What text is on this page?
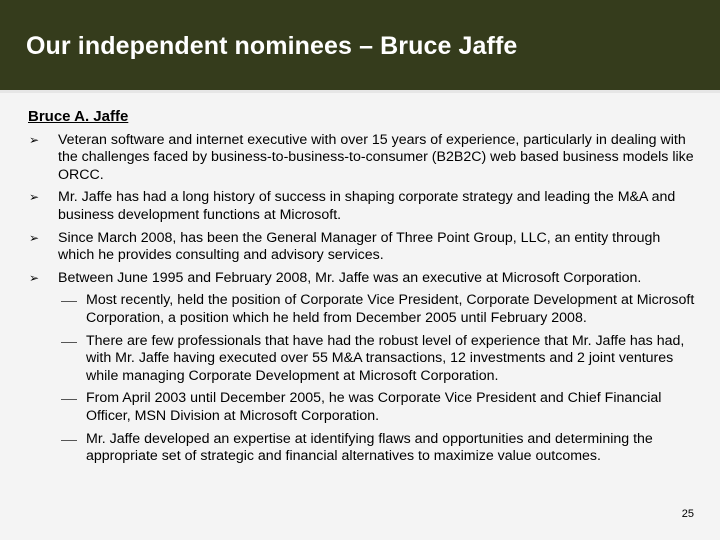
Our independent nominees – Bruce Jaffe
Bruce A. Jaffe
➢ Veteran software and internet executive with over 15 years of experience, particularly in dealing with the challenges faced by business-to-business-to-consumer (B2B2C) web based business models like ORCC.
➢ Mr. Jaffe has had a long history of success in shaping corporate strategy and leading the M&A and business development functions at Microsoft.
➢ Since March 2008, has been the General Manager of Three Point Group, LLC, an entity through which he provides consulting and advisory services.
➢ Between June 1995 and February 2008, Mr. Jaffe was an executive at Microsoft Corporation.
Most recently, held the position of Corporate Vice President, Corporate Development at Microsoft Corporation, a position which he held from December 2005 until February 2008.
There are few professionals that have had the robust level of experience that Mr. Jaffe has had, with Mr. Jaffe having executed over 55 M&A transactions, 12 investments and 2 joint ventures while managing Corporate Development at Microsoft Corporation.
From April 2003 until December 2005, he was Corporate Vice President and Chief Financial Officer, MSN Division at Microsoft Corporation.
Mr. Jaffe developed an expertise at identifying flaws and opportunities and determining the appropriate set of strategic and financial alternatives to maximize value outcomes.
25
